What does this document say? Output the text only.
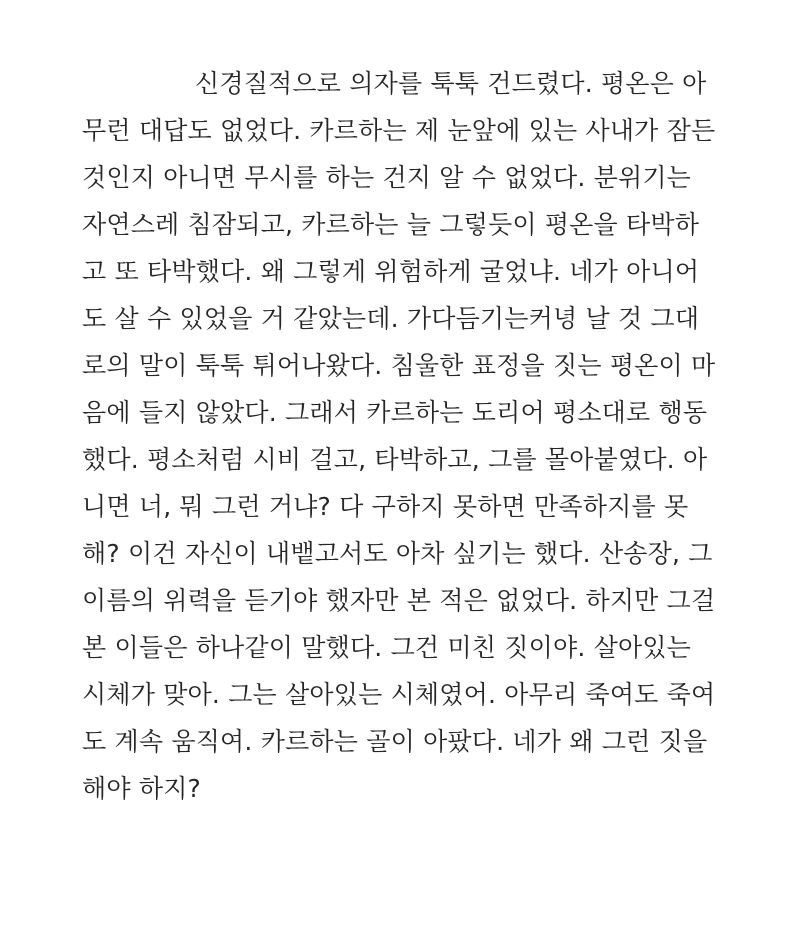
신경질적으로 의자를 툭툭 건드렸다. 평온은 아
무런 대답도 없었다. 카르하는 제 눈앞에 있는 사내가 잠든
것인지 아니면 무시를 하는 건지 알 수 없었다. 분위기는
자연스레 침잠되고, 카르하는 늘 그렇듯이 평온을 타박하
고 또 타박했다. 왜 그렇게 위험하게 굴었냐. 네가 아니어
도 살 수 있었을 거 같았는데. 가다듬기는커녕 날 것 그대
로의 말이 툭툭 튀어나왔다. 침울한 표정을 짓는 평온이 마
음에 들지 않았다. 그래서 카르하는 도리어 평소대로 행동
했다. 평소처럼 시비 걸고, 타박하고, 그를 몰아붙였다. 아
니면 너, 뭐 그런 거냐? 다 구하지 못하면 만족하지를 못
해? 이건 자신이 내뱉고서도 아차 싶기는 했다. 산송장, 그
이름의 위력을 듣기야 했자만 본 적은 없었다. 하지만 그걸
본 이들은 하나같이 말했다. 그건 미친 짓이야. 살아있는
시체가 맞아. 그는 살아있는 시체였어. 아무리 죽여도 죽여
도 계속 움직여. 카르하는 골이 아팠다. 네가 왜 그런 짓을
해야 하지?
